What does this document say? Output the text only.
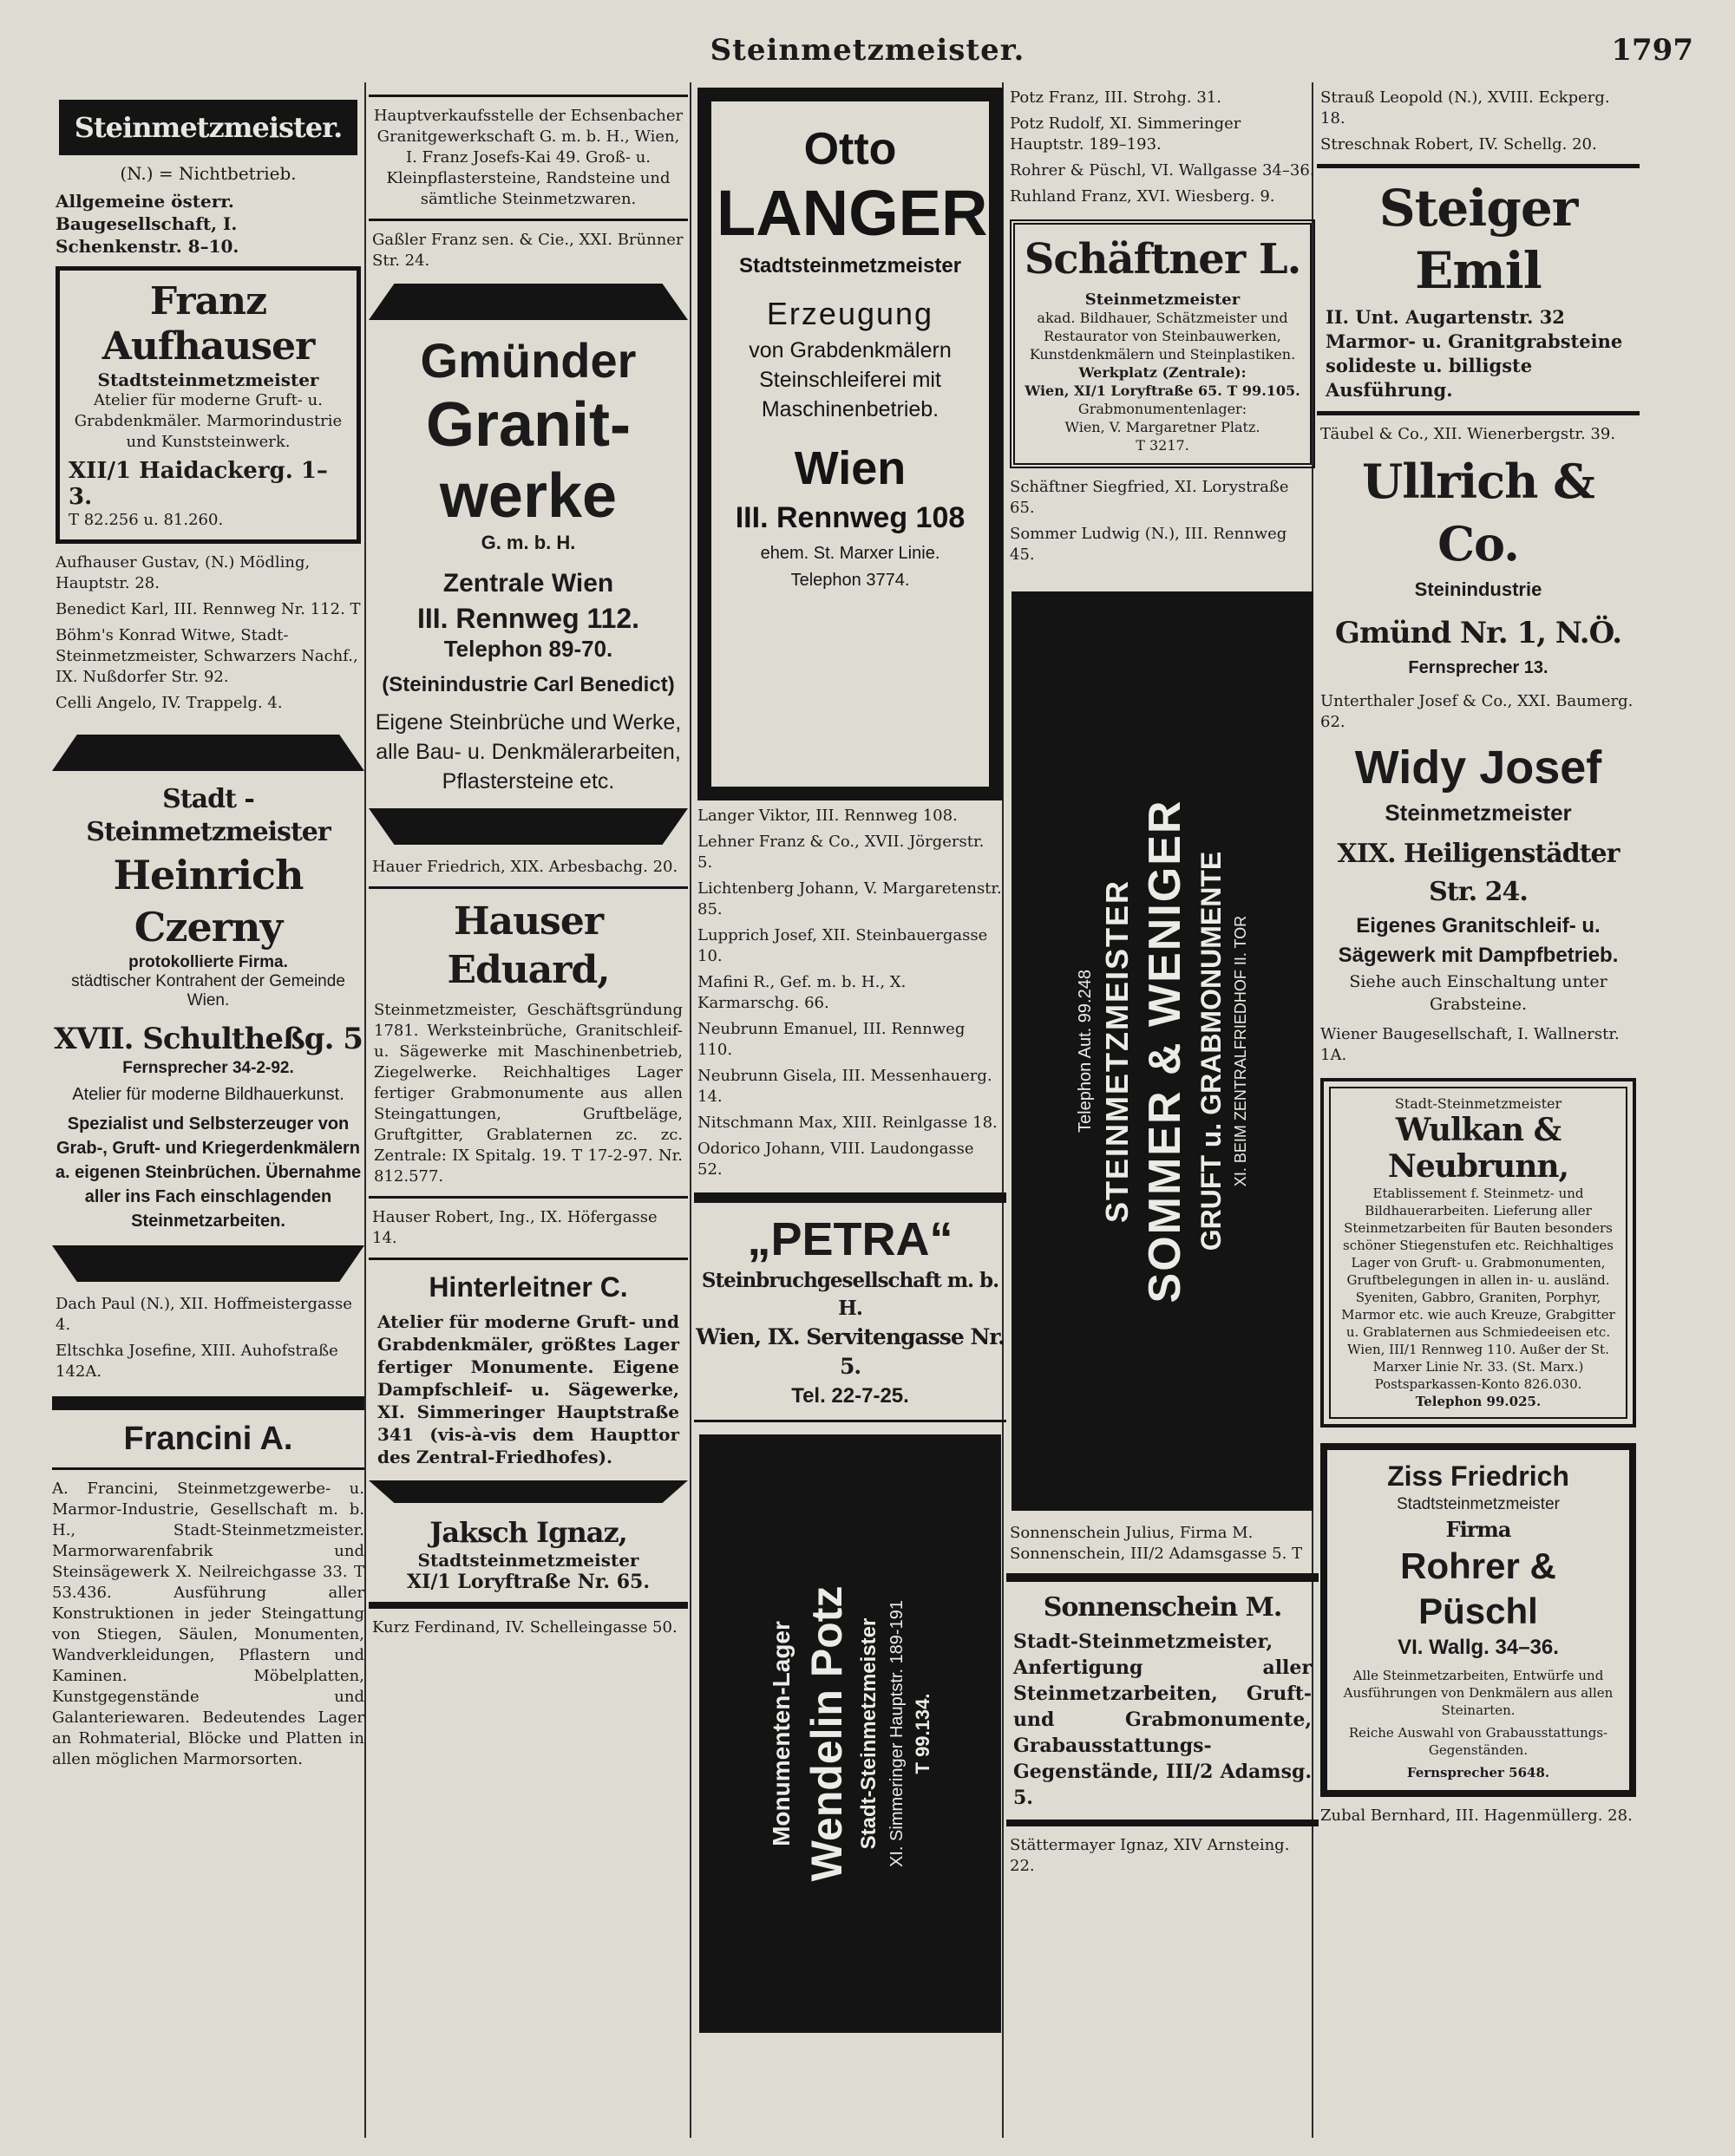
Steinmetzmeister.	1797
Steinmetzmeister.
(N.) = Nichtbetrieb.
Allgemeine österr. Baugesellschaft, I. Schenkenstr. 8–10.
Franz Aufhauser
Stadtsteinmetzmeister
Atelier für moderne Gruft- u. Grabdenkmäler. Marmorindustrie und Kunststeinwerk.
XII/1 Haidackerg. 1–3.
T 82.256 u. 81.260.
Aufhauser Gustav, (N.) Mödling, Hauptstr. 28.
Benedict Karl, III. Rennweg Nr. 112. T
Böhm's Konrad Witwe, Stadt-Steinmetzmeister, Schwarzers Nachf., IX. Nußdorfer Str. 92.
Celli Angelo, IV. Trappelg. 4.
Stadt - Steinmetzmeister
Heinrich Czerny
protokollierte Firma.
städtischer Kontrahent der Gemeinde Wien.
XVII. Schultheßg. 5
Fernsprecher 34-2-92.
Atelier für moderne Bildhauerkunst.
Spezialist und Selbsterzeuger von Grab-, Gruft- und Kriegerdenkmälern a. eigenen Steinbrüchen. Übernahme aller ins Fach einschlagenden Steinmetzarbeiten.
Dach Paul (N.), XII. Hoffmeistergasse 4.
Eltschka Josefine, XIII. Auhofstraße 142A.
Francini A.
A. Francini, Steinmetzgewerbe- u. Marmor-Industrie, Gesellschaft m. b. H., Stadt-Steinmetzmeister. Marmorwarenfabrik und Steinsägewerk X. Neilreichgasse 33. T 53.436. Ausführung aller Konstruktionen in jeder Steingattung von Stiegen, Säulen, Monumenten, Wandverkleidungen, Pflastern und Kaminen. Möbelplatten, Kunstgegenstände und Galanteriewaren. Bedeutendes Lager an Rohmaterial, Blöcke und Platten in allen möglichen Marmorsorten.
Hauptverkaufsstelle der Echsenbacher Granitgewerkschaft G. m. b. H., Wien, I. Franz Josefs-Kai 49. Groß- u. Kleinpflastersteine, Randsteine und sämtliche Steinmetzwaren.
Gaßler Franz sen. & Cie., XXI. Brünner Str. 24.
Gmünder
Granit-
werke
G. m. b. H.
Zentrale Wien
III. Rennweg 112.
Telephon 89-70.
(Steinindustrie Carl Benedict)
Eigene Steinbrüche und Werke, alle Bau- u. Denkmälerarbeiten, Pflastersteine etc.
Hauer Friedrich, XIX. Arbesbachg. 20.
Hauser Eduard,
Steinmetzmeister, Geschäftsgründung 1781. Werksteinbrüche, Granitschleif- u. Sägewerke mit Maschinenbetrieb, Ziegelwerke. Reichhaltiges Lager fertiger Grabmonumente aus allen Steingattungen, Gruftbeläge, Gruftgitter, Grablaternen zc. zc. Zentrale: IX Spitalg. 19. T 17-2-97. Nr. 812.577.
Hauser Robert, Ing., IX. Höfergasse 14.
Hinterleitner C.
Atelier für moderne Gruft- und Grabdenkmäler, größtes Lager fertiger Monumente. Eigene Dampfschleif- u. Sägewerke, XI. Simmeringer Hauptstraße 341 (vis-à-vis dem Haupttor des Zentral-Friedhofes).
Jaksch Ignaz,
Stadtsteinmetzmeister
XI/1 Loryftraße Nr. 65.
Kurz Ferdinand, IV. Schelleingasse 50.
Otto
LANGER
Stadtsteinmetzmeister
Erzeugung
von Grabdenkmälern Steinschleiferei mit Maschinenbetrieb.
Wien
III. Rennweg 108
ehem. St. Marxer Linie.
Telephon 3774.
Langer Viktor, III. Rennweg 108.
Lehner Franz & Co., XVII. Jörgerstr. 5.
Lichtenberg Johann, V. Margaretenstr. 85.
Lupprich Josef, XII. Steinbauergasse 10.
Mafini R., Gef. m. b. H., X. Karmarschg. 66.
Neubrunn Emanuel, III. Rennweg 110.
Neubrunn Gisela, III. Messenhauerg. 14.
Nitschmann Max, XIII. Reinlgasse 18.
Odorico Johann, VIII. Laudongasse 52.
„PETRA“
Steinbruchgesellschaft m. b. H.
Wien, IX. Servitengasse Nr. 5.
Tel. 22-7-25.
Monumenten-Lager Wendelin Potz Stadt-Steinmetzmeister XI. Simmeringer Hauptstr. 189-191 T 99.134.
Potz Franz, III. Strohg. 31.
Potz Rudolf, XI. Simmeringer Hauptstr. 189–193.
Rohrer & Püschl, VI. Wallgasse 34–36.
Ruhland Franz, XVI. Wiesberg. 9.
Schäftner L.
Steinmetzmeister
akad. Bildhauer, Schätzmeister und Restaurator von Steinbauwerken, Kunstdenkmälern und Steinplastiken.
Werkplatz (Zentrale):
Wien, XI/1 Loryftraße 65. T 99.105.
Grabmonumentenlager:
Wien, V. Margaretner Platz.
T 3217.
Schäftner Siegfried, XI. Lorystraße 65.
Sommer Ludwig (N.), III. Rennweg 45.
Telephon Aut. 99.248 STEINMETZMEISTER SOMMER & WENIGER GRUFT u. GRABMONUMENTE XI. BEIM ZENTRALFRIEDHOF II. TOR
Sonnenschein Julius, Firma M. Sonnenschein, III/2 Adamsgasse 5. T
Sonnenschein M.
Stadt-Steinmetzmeister, Anfertigung aller Steinmetzarbeiten, Gruft- und Grabmonumente, Grabausstattungs-Gegenstände, III/2 Adamsg. 5.
Stättermayer Ignaz, XIV Arnsteing. 22.
Strauß Leopold (N.), XVIII. Eckperg. 18.
Streschnak Robert, IV. Schellg. 20.
Steiger Emil
II. Unt. Augartenstr. 32 Marmor- u. Granitgrabsteine solideste u. billigste Ausführung.
Täubel & Co., XII. Wienerbergstr. 39.
Ullrich & Co.
Steinindustrie
Gmünd Nr. 1, N.Ö.
Fernsprecher 13.
Unterthaler Josef & Co., XXI. Baumerg. 62.
Widy Josef
Steinmetzmeister
XIX. Heiligenstädter Str. 24.
Eigenes Granitschleif- u. Sägewerk mit Dampfbetrieb.
Siehe auch Einschaltung unter Grabsteine.
Wiener Baugesellschaft, I. Wallnerstr. 1A.
Stadt-Steinmetzmeister
Wulkan & Neubrunn,
Etablissement f. Steinmetz- und Bildhauerarbeiten. Lieferung aller Steinmetzarbeiten für Bauten besonders schöner Stiegenstufen etc. Reichhaltiges Lager von Gruft- u. Grabmonumenten, Gruftbelegungen in allen in- u. ausländ. Syeniten, Gabbro, Graniten, Porphyr, Marmor etc. wie auch Kreuze, Grabgitter u. Grablaternen aus Schmiedeeisen etc. Wien, III/1 Rennweg 110. Außer der St. Marxer Linie Nr. 33. (St. Marx.)
Postsparkassen-Konto 826.030.
Telephon 99.025.
Ziss Friedrich
Stadtsteinmetzmeister
Firma
Rohrer & Püschl
VI. Wallg. 34–36.
Alle Steinmetzarbeiten, Entwürfe und Ausführungen von Denkmälern aus allen Steinarten.
Reiche Auswahl von Grabausstattungs-Gegenständen.
Fernsprecher 5648.
Zubal Bernhard, III. Hagenmüllerg. 28.
